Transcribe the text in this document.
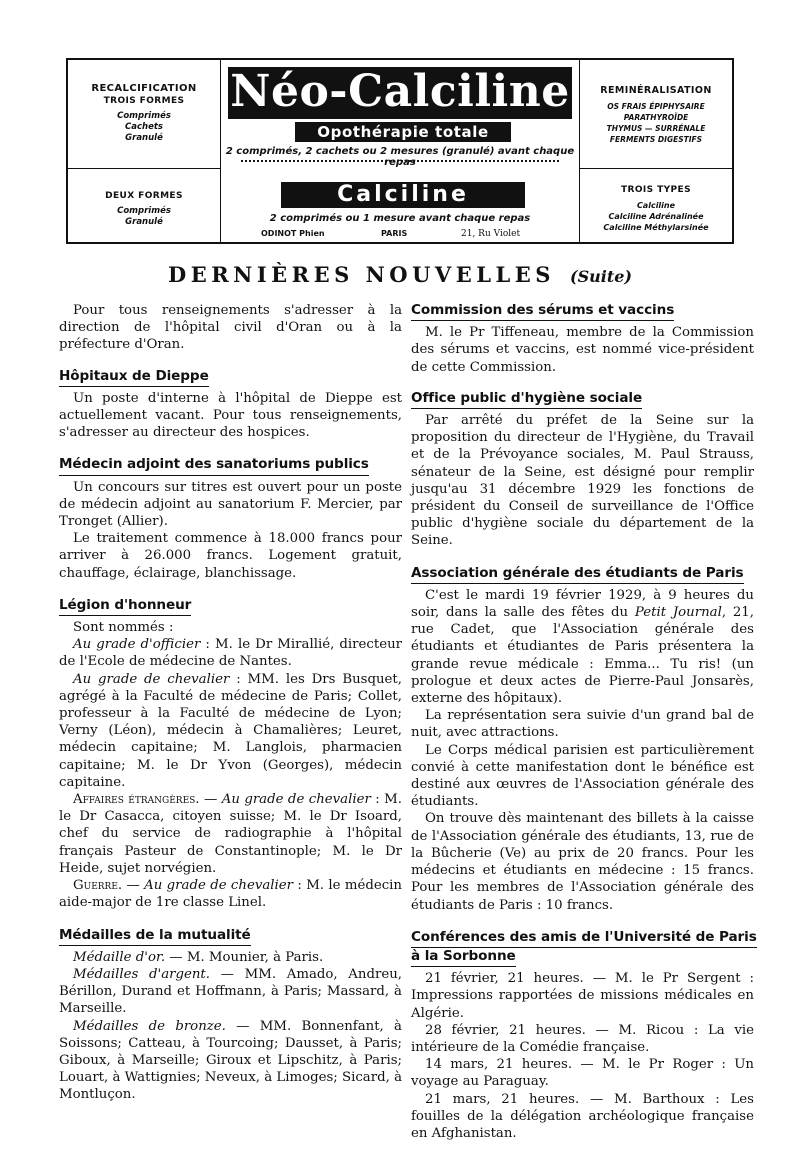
RECALCIFICATION
TROIS FORMES
Comprimés
Cachets
Granulé
DEUX FORMES
Comprimés
Granulé
Néo-Calciline
Opothérapie totale
2 comprimés, 2 cachets ou 2 mesures (granulé) avant chaque repas
Calciline
2 comprimés ou 1 mesure avant chaque repas
ODINOT Phien	PARIS	21, Ru Violet
REMINÉRALISATION
OS FRAIS ÉPIPHYSAIRE
PARATHYROÏDE
THYMUS — SURRÉNALE
FERMENTS DIGESTIFS
TROIS TYPES
Calciline
Calciline Adrénalinée
Calciline Méthylarsinée
DERNIÈRES NOUVELLES (Suite)

Pour tous renseignements s'adresser à la direction de l'hôpital civil d'Oran ou à la préfecture d'Oran.

Hôpitaux de Dieppe

Un poste d'interne à l'hôpital de Dieppe est actuellement vacant. Pour tous renseignements, s'adresser au directeur des hospices.

Médecin adjoint des sanatoriums publics

Un concours sur titres est ouvert pour un poste de médecin adjoint au sanatorium F. Mercier, par Tronget (Allier).

Le traitement commence à 18.000 francs pour arriver à 26.000 francs. Logement gratuit, chauffage, éclairage, blanchissage.

Légion d'honneur

Sont nommés :

Au grade d'officier : M. le Dr Mirallié, directeur de l'Ecole de médecine de Nantes.

Au grade de chevalier : MM. les Drs Busquet, agrégé à la Faculté de médecine de Paris; Collet, professeur à la Faculté de médecine de Lyon; Verny (Léon), médecin à Chamalières; Leuret, médecin capitaine; M. Langlois, pharmacien capitaine; M. le Dr Yvon (Georges), médecin capitaine.

Affaires étrangères. — Au grade de chevalier : M. le Dr Casacca, citoyen suisse; M. le Dr Isoard, chef du service de radiographie à l'hôpital français Pasteur de Constantinople; M. le Dr Heide, sujet norvégien.

Guerre. — Au grade de chevalier : M. le médecin aide-major de 1re classe Linel.

Médailles de la mutualité

Médaille d'or. — M. Mounier, à Paris.

Médailles d'argent. — MM. Amado, Andreu, Bérillon, Durand et Hoffmann, à Paris; Massard, à Marseille.

Médailles de bronze. — MM. Bonnenfant, à Soissons; Catteau, à Tourcoing; Dausset, à Paris; Giboux, à Marseille; Giroux et Lipschitz, à Paris; Louart, à Wattignies; Neveux, à Limoges; Sicard, à Montluçon.

Commission des sérums et vaccins

M. le Pr Tiffeneau, membre de la Commission des sérums et vaccins, est nommé vice-président de cette Commission.

Office public d'hygiène sociale

Par arrêté du préfet de la Seine sur la proposition du directeur de l'Hygiène, du Travail et de la Prévoyance sociales, M. Paul Strauss, sénateur de la Seine, est désigné pour remplir jusqu'au 31 décembre 1929 les fonctions de président du Conseil de surveillance de l'Office public d'hygiène sociale du département de la Seine.

Association générale des étudiants de Paris

C'est le mardi 19 février 1929, à 9 heures du soir, dans la salle des fêtes du Petit Journal, 21, rue Cadet, que l'Association générale des étudiants et étudiantes de Paris présentera la grande revue médicale : Emma... Tu ris! (un prologue et deux actes de Pierre-Paul Jonsarès, externe des hôpitaux).

La représentation sera suivie d'un grand bal de nuit, avec attractions.

Le Corps médical parisien est particulièrement convié à cette manifestation dont le bénéfice est destiné aux œuvres de l'Association générale des étudiants.

On trouve dès maintenant des billets à la caisse de l'Association générale des étudiants, 13, rue de la Bûcherie (Ve) au prix de 20 francs. Pour les médecins et étudiants en médecine : 15 francs. Pour les membres de l'Association générale des étudiants de Paris : 10 francs.

Conférences des amis de l'Université de Paris
à la Sorbonne

21 février, 21 heures. — M. le Pr Sergent : Impressions rapportées de missions médicales en Algérie.

28 février, 21 heures. — M. Ricou : La vie intérieure de la Comédie française.

14 mars, 21 heures. — M. le Pr Roger : Un voyage au Paraguay.

21 mars, 21 heures. — M. Barthoux : Les fouilles de la délégation archéologique française en Afghanistan.
